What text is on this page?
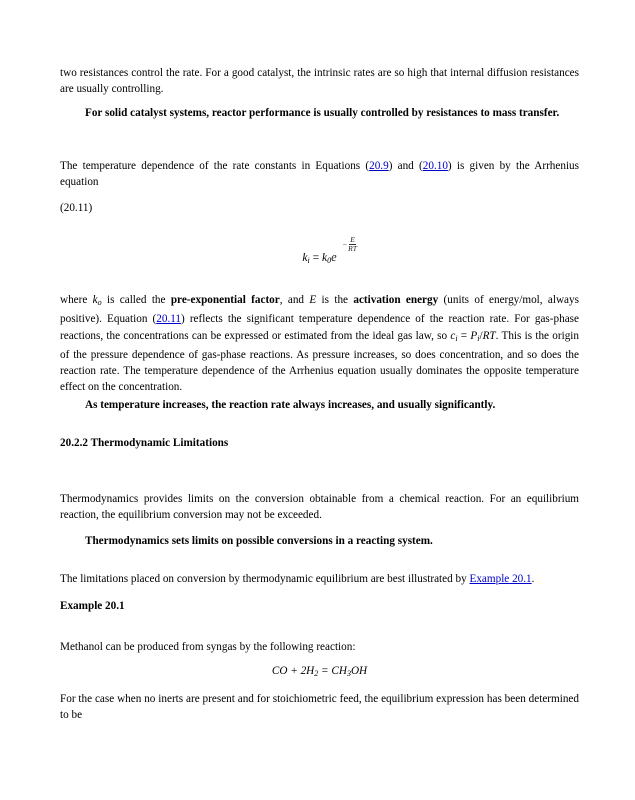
two resistances control the rate. For a good catalyst, the intrinsic rates are so high that internal diffusion resistances are usually controlling.
For solid catalyst systems, reactor performance is usually controlled by resistances to mass transfer.
The temperature dependence of the rate constants in Equations (20.9) and (20.10) is given by the Arrhenius equation
(20.11)
$k_i = k_0e$
− $\frac{E}{RT}$
where $k_o$ is called the pre-exponential factor, and E is the activation energy (units of energy/mol, always positive). Equation (20.11) reflects the significant temperature dependence of the reaction rate. For gas-phase reactions, the concentrations can be expressed or estimated from the ideal gas law, so $c_i = P_i/RT$. This is the origin of the pressure dependence of gas-phase reactions. As pressure increases, so does concentration, and so does the reaction rate. The temperature dependence of the Arrhenius equation usually dominates the opposite temperature effect on the concentration.
As temperature increases, the reaction rate always increases, and usually significantly.
20.2.2 Thermodynamic Limitations
Thermodynamics provides limits on the conversion obtainable from a chemical reaction. For an equilibrium reaction, the equilibrium conversion may not be exceeded.
Thermodynamics sets limits on possible conversions in a reacting system.
The limitations placed on conversion by thermodynamic equilibrium are best illustrated by Example 20.1.
Example 20.1
Methanol can be produced from syngas by the following reaction:
CO + $2H_2 = CH_3OH$
For the case when no inerts are present and for stoichiometric feed, the equilibrium expression has been determined to be
